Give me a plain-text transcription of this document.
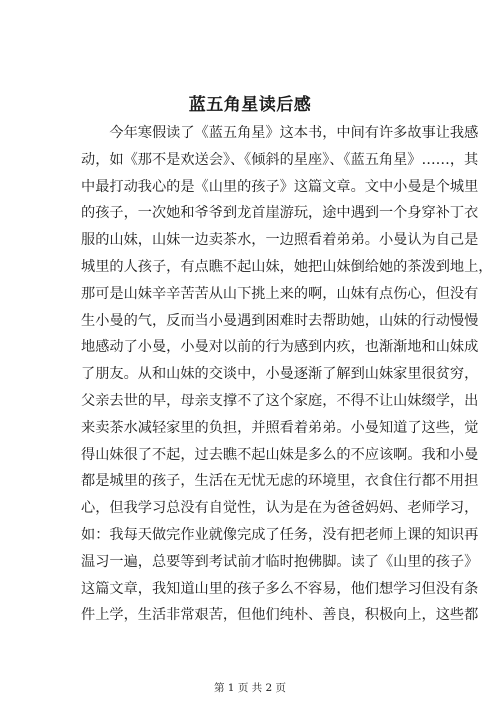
蓝五角星读后感
　　今年寒假读了《蓝五角星》这本书，中间有许多故事让我感
动，如《那不是欢送会》、《倾斜的星座》、《蓝五角星》……，其
中最打动我心的是《山里的孩子》这篇文章。文中小曼是个城里
的孩子，一次她和爷爷到龙首崖游玩，途中遇到一个身穿补丁衣
服的山妹，山妹一边卖茶水，一边照看着弟弟。小曼认为自己是
城里的人孩子，有点瞧不起山妹，她把山妹倒给她的茶泼到地上，
那可是山妹辛辛苦苦从山下挑上来的啊，山妹有点伤心，但没有
生小曼的气，反而当小曼遇到困难时去帮助她，山妹的行动慢慢
地感动了小曼，小曼对以前的行为感到内疚，也渐渐地和山妹成
了朋友。从和山妹的交谈中，小曼逐渐了解到山妹家里很贫穷，
父亲去世的早，母亲支撑不了这个家庭，不得不让山妹缀学，出
来卖茶水减轻家里的负担，并照看着弟弟。小曼知道了这些，觉
得山妹很了不起，过去瞧不起山妹是多么的不应该啊。我和小曼
都是城里的孩子，生活在无忧无虑的环境里，衣食住行都不用担
心，但我学习总没有自觉性，认为是在为爸爸妈妈、老师学习，
如：我每天做完作业就像完成了任务，没有把老师上课的知识再
温习一遍，总要等到考试前才临时抱佛脚。读了《山里的孩子》
这篇文章，我知道山里的孩子多么不容易，他们想学习但没有条
件上学，生活非常艰苦，但他们纯朴、善良，积极向上，这些都
第 1 页 共 2 页
